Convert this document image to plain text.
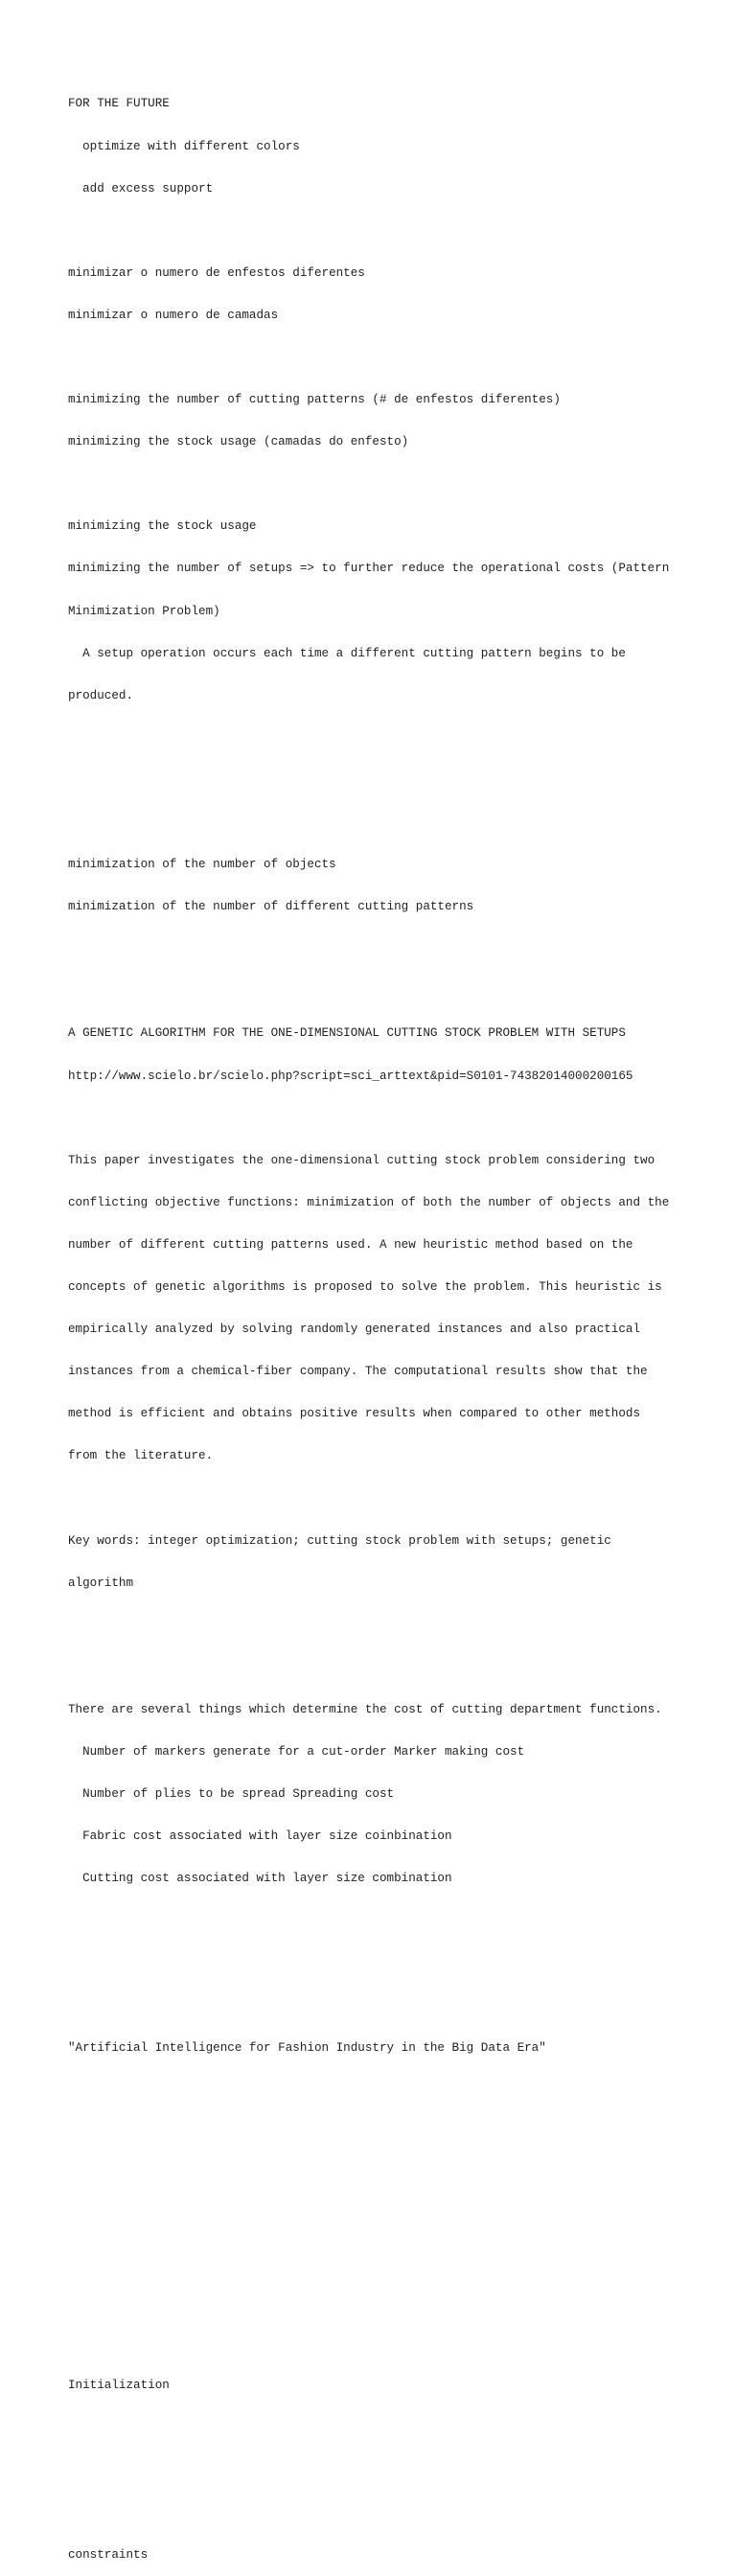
FOR THE FUTURE

optimize with different colors

add excess support

minimizar o numero de enfestos diferentes

minimizar o numero de camadas

minimizing the number of cutting patterns (# de enfestos diferentes)

minimizing the stock usage (camadas do enfesto)

minimizing the stock usage

minimizing the number of setups => to further reduce the operational costs (Pattern

Minimization Problem)

A setup operation occurs each time a different cutting pattern begins to be

produced.

minimization of the number of objects

minimization of the number of different cutting patterns

A GENETIC ALGORITHM FOR THE ONE-DIMENSIONAL CUTTING STOCK PROBLEM WITH SETUPS

http://www.scielo.br/scielo.php?script=sci_arttext&pid=S0101-74382014000200165

This paper investigates the one-dimensional cutting stock problem considering two

conflicting objective functions: minimization of both the number of objects and the

number of different cutting patterns used. A new heuristic method based on the

concepts of genetic algorithms is proposed to solve the problem. This heuristic is

empirically analyzed by solving randomly generated instances and also practical

instances from a chemical-fiber company. The computational results show that the

method is efficient and obtains positive results when compared to other methods

from the literature.

Key words: integer optimization; cutting stock problem with setups; genetic

algorithm

There are several things which determine the cost of cutting department functions.

Number of markers generate for a cut-order Marker making cost

Number of plies to be spread Spreading cost

Fabric cost associated with layer size coinbination

Cutting cost associated with layer size combination

"Artificial Intelligence for Fashion Industry in the Big Data Era"

Initialization

constraints
